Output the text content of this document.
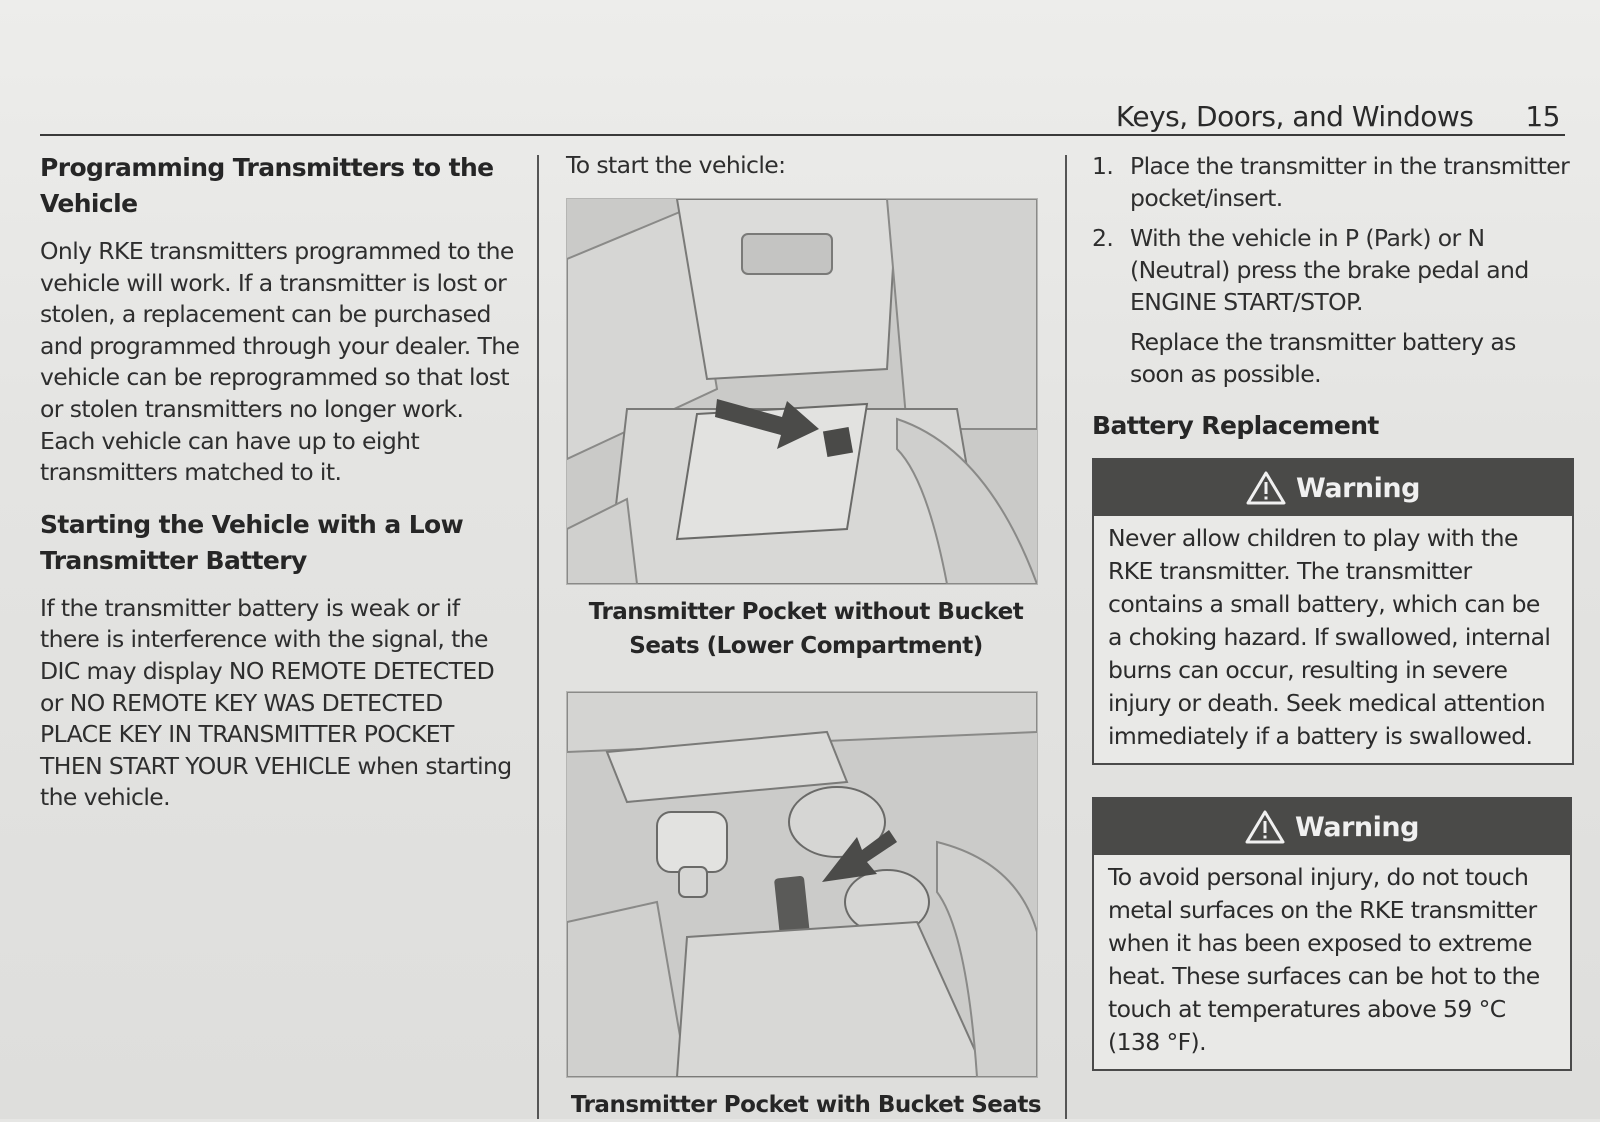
Keys, Doors, and Windows 15
Programming Transmitters to the Vehicle

Only RKE transmitters programmed to the vehicle will work. If a transmitter is lost or stolen, a replacement can be purchased and programmed through your dealer. The vehicle can be reprogrammed so that lost or stolen transmitters no longer work. Each vehicle can have up to eight transmitters matched to it.

Starting the Vehicle with a Low Transmitter Battery

If the transmitter battery is weak or if there is interference with the signal, the DIC may display NO REMOTE DETECTED or NO REMOTE KEY WAS DETECTED PLACE KEY IN TRANSMITTER POCKET THEN START YOUR VEHICLE when starting the vehicle.

To start the vehicle:

Transmitter Pocket without Bucket Seats (Lower Compartment)
Transmitter Pocket with Bucket Seats
1. Place the transmitter in the transmitter pocket/insert.
2. With the vehicle in P (Park) or N (Neutral) press the brake pedal and ENGINE START/STOP.
Replace the transmitter battery as soon as possible.
Battery Replacement
Warning
Never allow children to play with the RKE transmitter. The transmitter contains a small battery, which can be a choking hazard. If swallowed, internal burns can occur, resulting in severe injury or death. Seek medical attention immediately if a battery is swallowed.
Warning
To avoid personal injury, do not touch metal surfaces on the RKE transmitter when it has been exposed to extreme heat. These surfaces can be hot to the touch at temperatures above 59 °C (138 °F).
